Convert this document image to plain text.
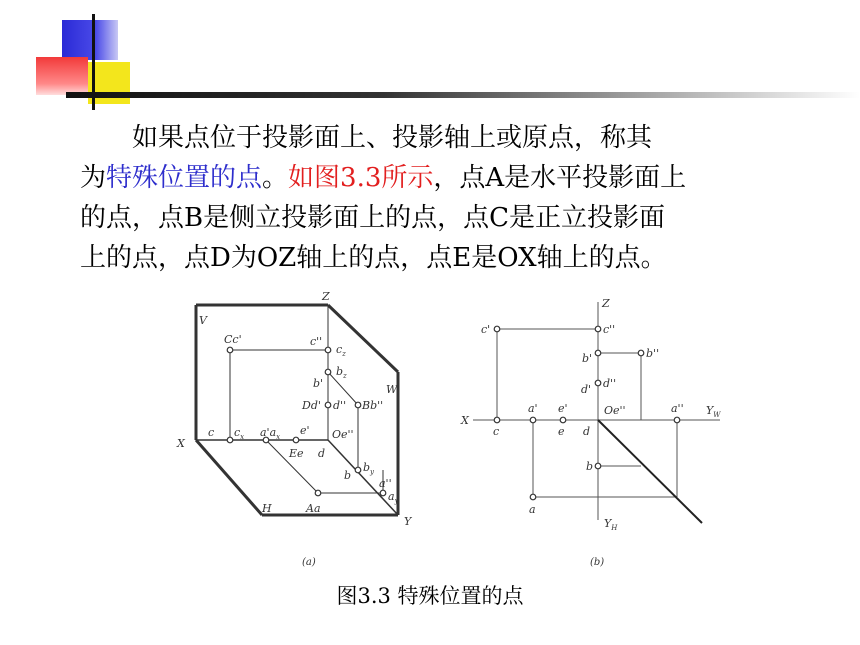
如果点位于投影面上、投影轴上或原点，称其
为特殊位置的点。如图3.3所示，点A是水平投影面上
的点，点B是侧立投影面上的点，点C是正立投影面
上的点，点D为OZ轴上的点，点E是OX轴上的点。
V
Z
W
H
X
Y
Cc'	c''
$c_z$
b'
$b_z$
Dd' d'' Bb''
Oe''
c $c_x$ $a'a_x$ e'
Ee d
b
$b_y$
a''
$a_y$
Aa
(a)
Z
c'	c''
b'	b''
d' d''
X
a' e'	Oe''	a'' $Y_W$
c	e d
b
a
$Y_H$
(b)
图3.3 特殊位置的点
